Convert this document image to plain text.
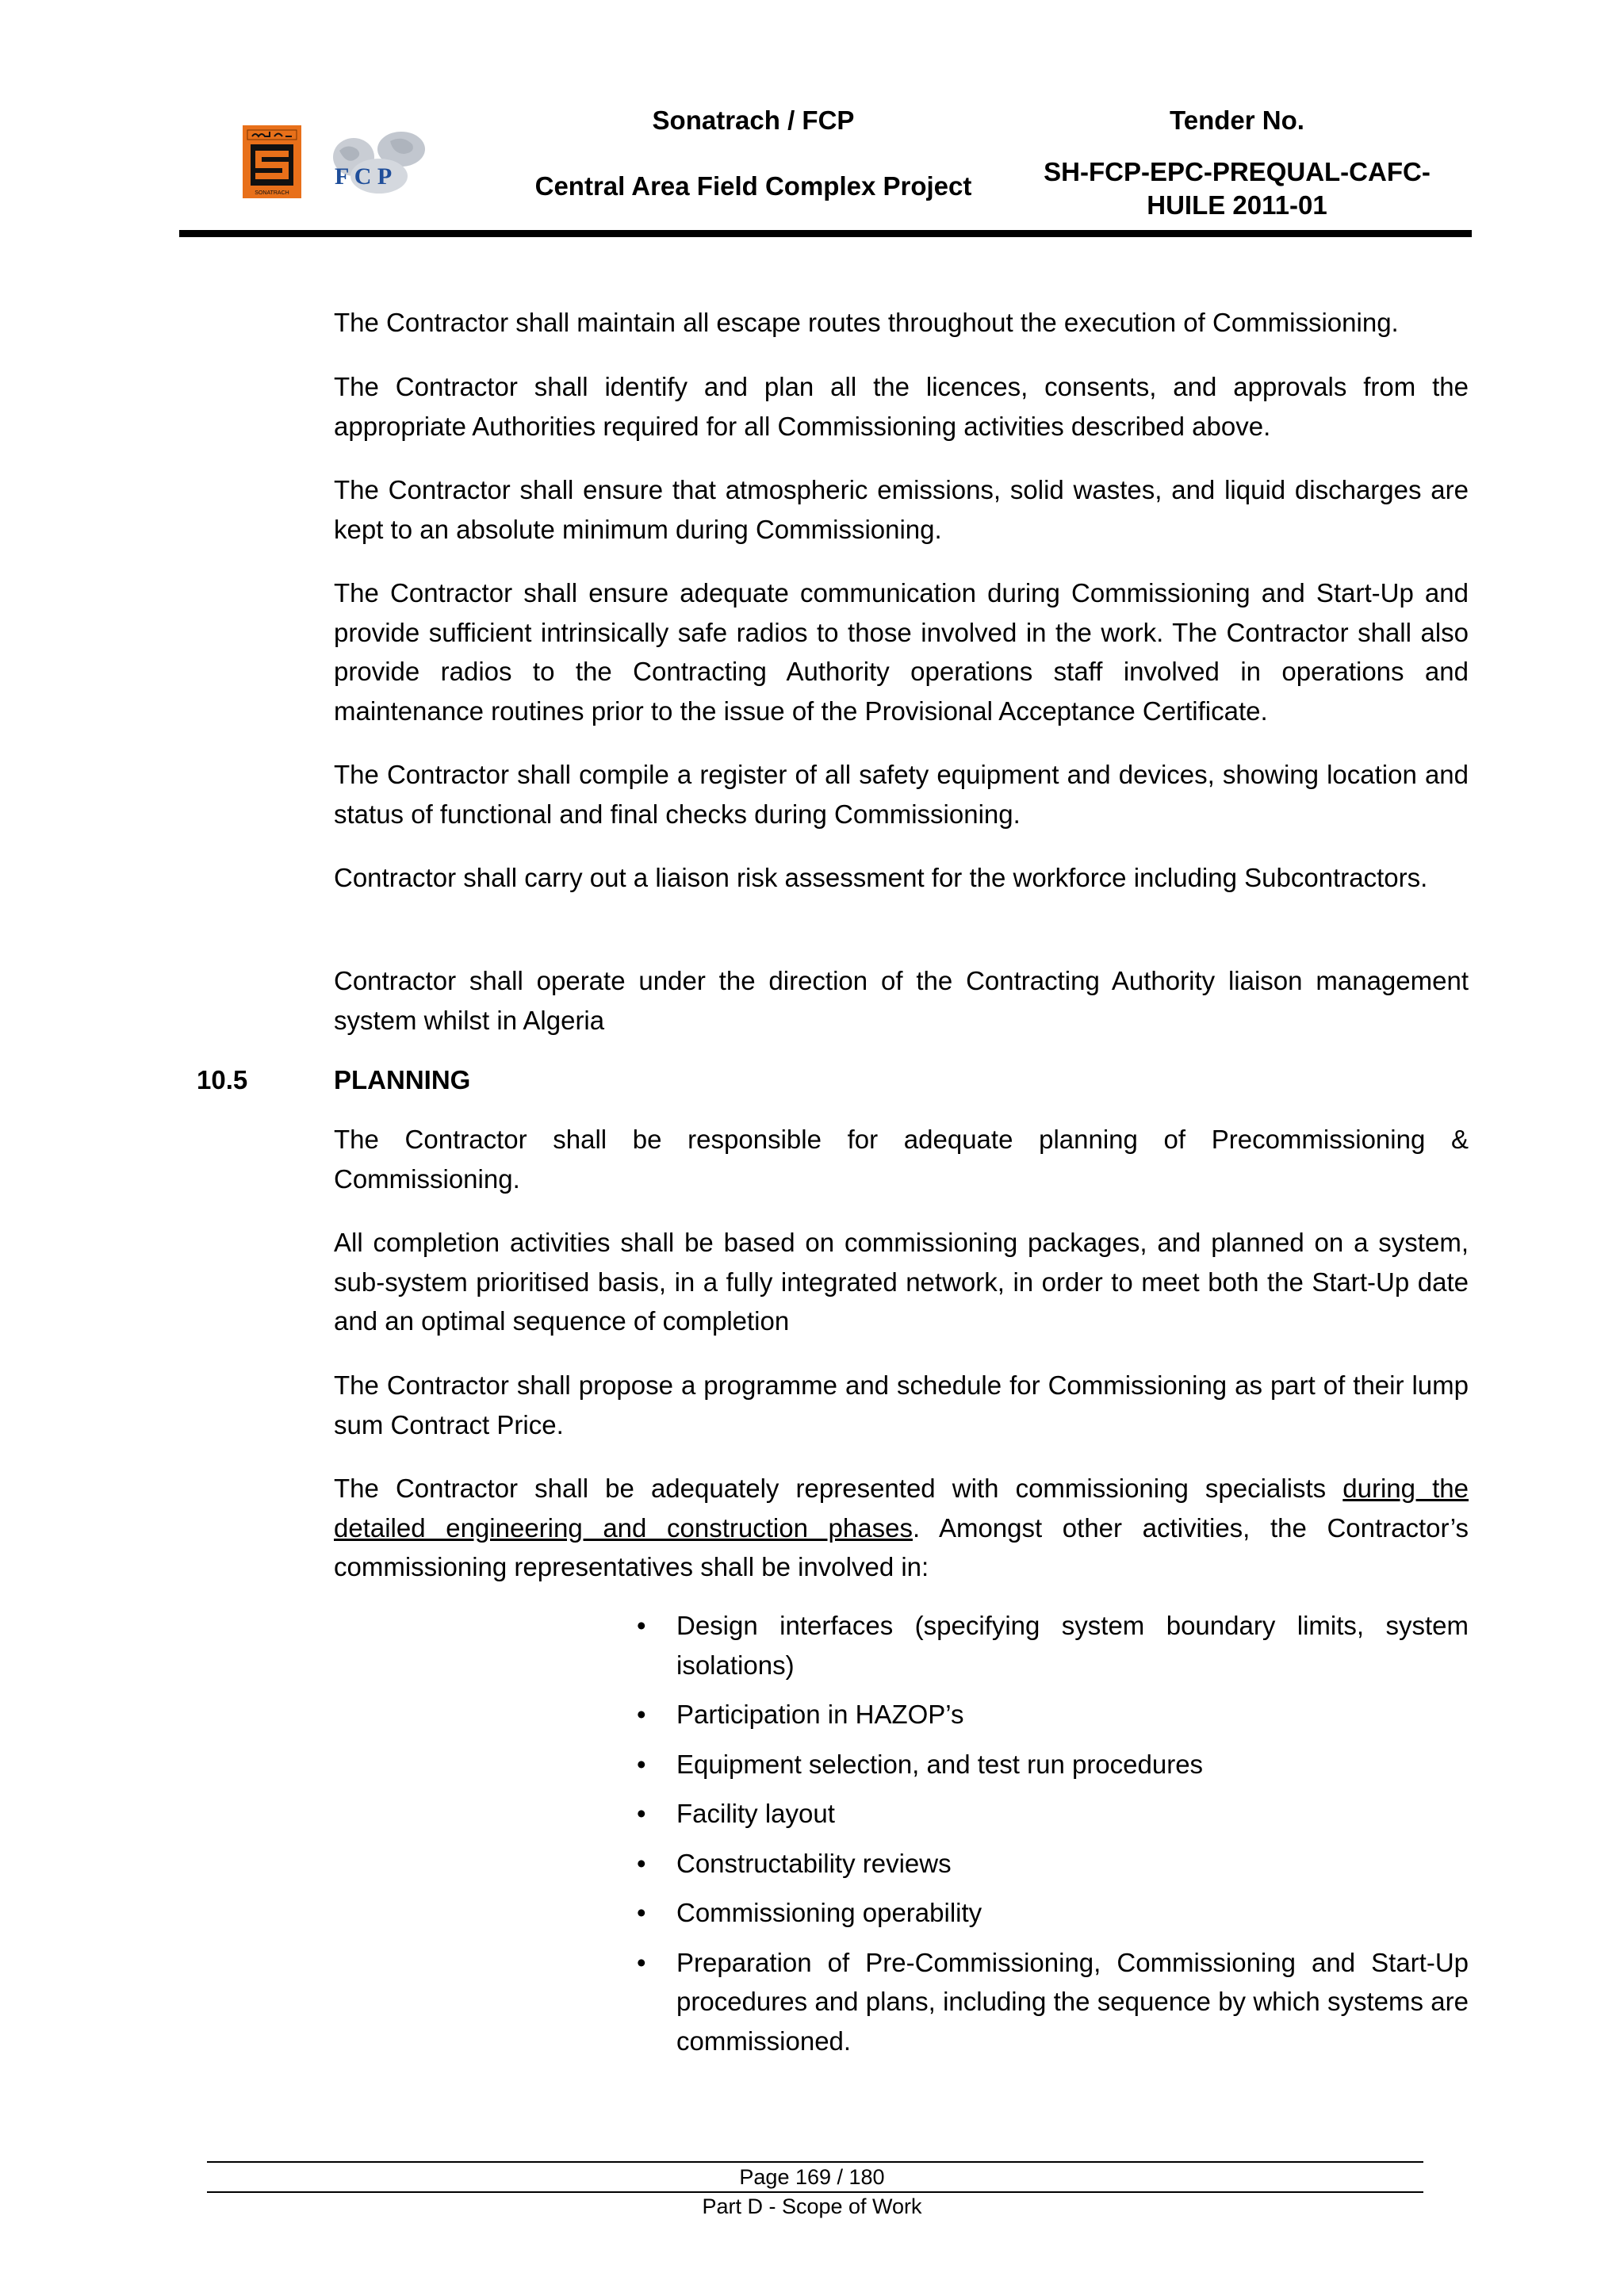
SONATRACH
F C P
Sonatrach / FCP
Central Area Field Complex Project
Tender No.
SH-FCP-EPC-PREQUAL-CAFC-
HUILE 2011-01

The Contractor shall maintain all escape routes throughout the execution of Commissioning.

The Contractor shall identify and plan all the licences, consents, and approvals from the appropriate Authorities required for all Commissioning activities described above.

The Contractor shall ensure that atmospheric emissions, solid wastes, and liquid discharges are kept to an absolute minimum during Commissioning.

The Contractor shall ensure adequate communication during Commissioning and Start-Up and provide sufficient intrinsically safe radios to those involved in the work. The Contractor shall also provide radios to the Contracting Authority operations staff involved in operations and maintenance routines prior to the issue of the Provisional Acceptance Certificate.

The Contractor shall compile a register of all safety equipment and devices, showing location and status of functional and final checks during Commissioning.

Contractor shall carry out a liaison risk assessment for the workforce including Subcontractors.

Contractor shall operate under the direction of the Contracting Authority liaison management system whilst in Algeria

10.5	PLANNING

The Contractor shall be responsible for adequate planning of Precommissioning & Commissioning.

All completion activities shall be based on commissioning packages, and planned on a system, sub-system prioritised basis, in a fully integrated network, in order to meet both the Start-Up date and an optimal sequence of completion

The Contractor shall propose a programme and schedule for Commissioning as part of their lump sum Contract Price.

The Contractor shall be adequately represented with commissioning specialists during the detailed engineering and construction phases. Amongst other activities, the Contractor’s commissioning representatives shall be involved in:

•	Design interfaces (specifying system boundary limits, system isolations)
•	Participation in HAZOP’s
•	Equipment selection, and test run procedures
•	Facility layout
•	Constructability reviews
•	Commissioning operability
•	Preparation of Pre-Commissioning, Commissioning and Start-Up procedures and plans, including the sequence by which systems are commissioned.
Page 169 / 180
Part D - Scope of Work
